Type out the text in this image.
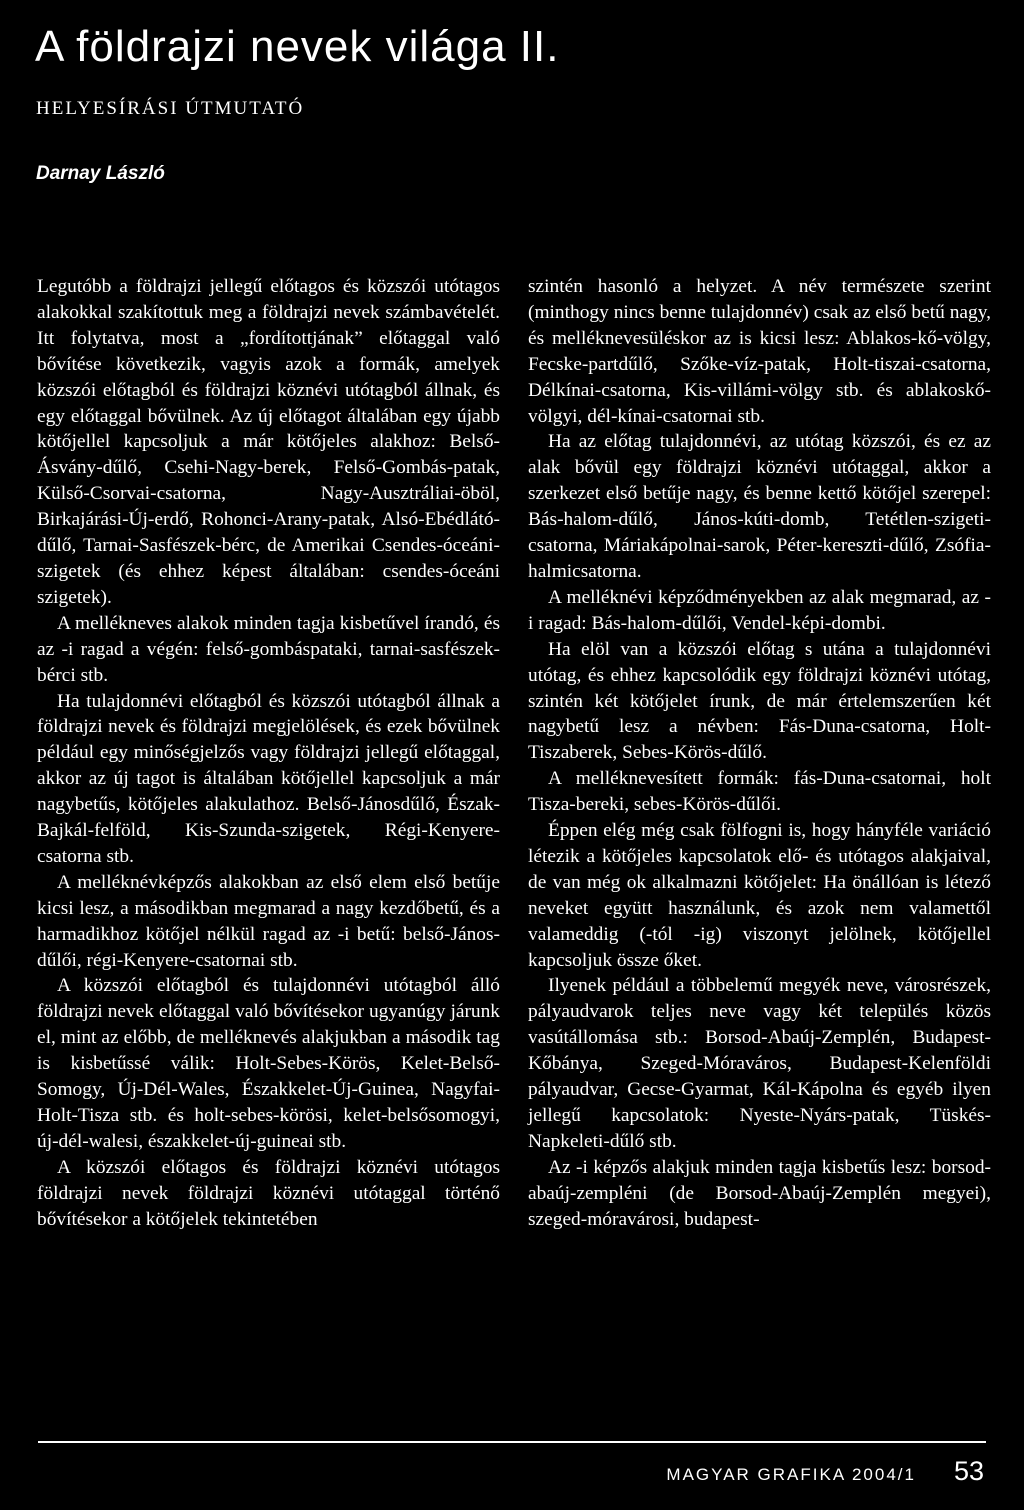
A földrajzi nevek világa II.

HELYESÍRÁSI ÚTMUTATÓ

Darnay László

Legutóbb a földrajzi jellegű előtagos és közszói utótagos alakokkal szakítottuk meg a földrajzi nevek számbavételét. Itt folytatva, most a „fordítottjának” előtaggal való bővítése következik, vagyis azok a formák, amelyek közszói előtagból és földrajzi köznévi utótagból állnak, és egy előtaggal bővülnek. Az új előtagot általában egy újabb kötőjellel kapcsoljuk a már kötőjeles alakhoz: Belső-Ásvány-dűlő, Csehi-Nagy-berek, Felső-Gombás-patak, Külső-Csorvai-csatorna, Nagy-Ausztráliai-öböl, Birkajárási-Új-erdő, Rohonci-Arany-patak, Alsó-Ebédlátó-dűlő, Tarnai-Sasfészek-bérc, de Amerikai Csendes-óceáni-szigetek (és ehhez képest általában: csendes-óceáni szigetek).

A mellékneves alakok minden tagja kisbetűvel írandó, és az -i ragad a végén: felső-gombáspataki, tarnai-sasfészek-bérci stb.

Ha tulajdonnévi előtagból és közszói utótagból állnak a földrajzi nevek és földrajzi megjelölések, és ezek bővülnek például egy minőségjelzős vagy földrajzi jellegű előtaggal, akkor az új tagot is általában kötőjellel kapcsoljuk a már nagybetűs, kötőjeles alakulathoz. Belső-Jánosdűlő, Észak-Bajkál-felföld, Kis-Szunda-szigetek, Régi-Kenyere-csatorna stb.

A melléknévképzős alakokban az első elem első betűje kicsi lesz, a másodikban megmarad a nagy kezdőbetű, és a harmadikhoz kötőjel nélkül ragad az -i betű: belső-János-dűlői, régi-Kenyere-csatornai stb.

A közszói előtagból és tulajdonnévi utótagból álló földrajzi nevek előtaggal való bővítésekor ugyanúgy járunk el, mint az előbb, de melléknevés alakjukban a második tag is kisbetűssé válik: Holt-Sebes-Körös, Kelet-Belső-Somogy, Új-Dél-Wales, Északkelet-Új-Guinea, Nagyfai-Holt-Tisza stb. és holt-sebes-körösi, kelet-belsősomogyi, új-dél-walesi, északkelet-új-guineai stb.

A közszói előtagos és földrajzi köznévi utótagos földrajzi nevek földrajzi köznévi utótaggal történő bővítésekor a kötőjelek tekintetében

szintén hasonló a helyzet. A név természete szerint (minthogy nincs benne tulajdonnév) csak az első betű nagy, és melléknevesüléskor az is kicsi lesz: Ablakos-kő-völgy, Fecske-partdűlő, Szőke-víz-patak, Holt-tiszai-csatorna, Délkínai-csatorna, Kis-villámi-völgy stb. és ablakoskő-völgyi, dél-kínai-csatornai stb.

Ha az előtag tulajdonnévi, az utótag közszói, és ez az alak bővül egy földrajzi köznévi utótaggal, akkor a szerkezet első betűje nagy, és benne kettő kötőjel szerepel: Bás-halom-dűlő, János-kúti-domb, Tetétlen-szigeti-csatorna, Máriakápolnai-sarok, Péter-kereszti-dűlő, Zsófia-halmicsatorna.

A melléknévi képződményekben az alak megmarad, az -i ragad: Bás-halom-dűlői, Vendel-képi-dombi.

Ha elöl van a közszói előtag s utána a tulajdonnévi utótag, és ehhez kapcsolódik egy földrajzi köznévi utótag, szintén két kötőjelet írunk, de már értelemszerűen két nagybetű lesz a névben: Fás-Duna-csatorna, Holt-Tiszaberek, Sebes-Körös-dűlő.

A melléknevesített formák: fás-Duna-csatornai, holt Tisza-bereki, sebes-Körös-dűlői.

Éppen elég még csak fölfogni is, hogy hányféle variáció létezik a kötőjeles kapcsolatok elő- és utótagos alakjaival, de van még ok alkalmazni kötőjelet: Ha önállóan is létező neveket együtt használunk, és azok nem valamettől valameddig (-tól -ig) viszonyt jelölnek, kötőjellel kapcsoljuk össze őket.

Ilyenek például a többelemű megyék neve, városrészek, pályaudvarok teljes neve vagy két település közös vasútállomása stb.: Borsod-Abaúj-Zemplén, Budapest-Kőbánya, Szeged-Móraváros, Budapest-Kelenföldi pályaudvar, Gecse-Gyarmat, Kál-Kápolna és egyéb ilyen jellegű kapcsolatok: Nyeste-Nyárs-patak, Tüskés-Napkeleti-dűlő stb.

Az -i képzős alakjuk minden tagja kisbetűs lesz: borsod-abaúj-zempléni (de Borsod-Abaúj-Zemplén megyei), szeged-móravárosi, budapest-

MAGYAR GRAFIKA 2004/1 53
